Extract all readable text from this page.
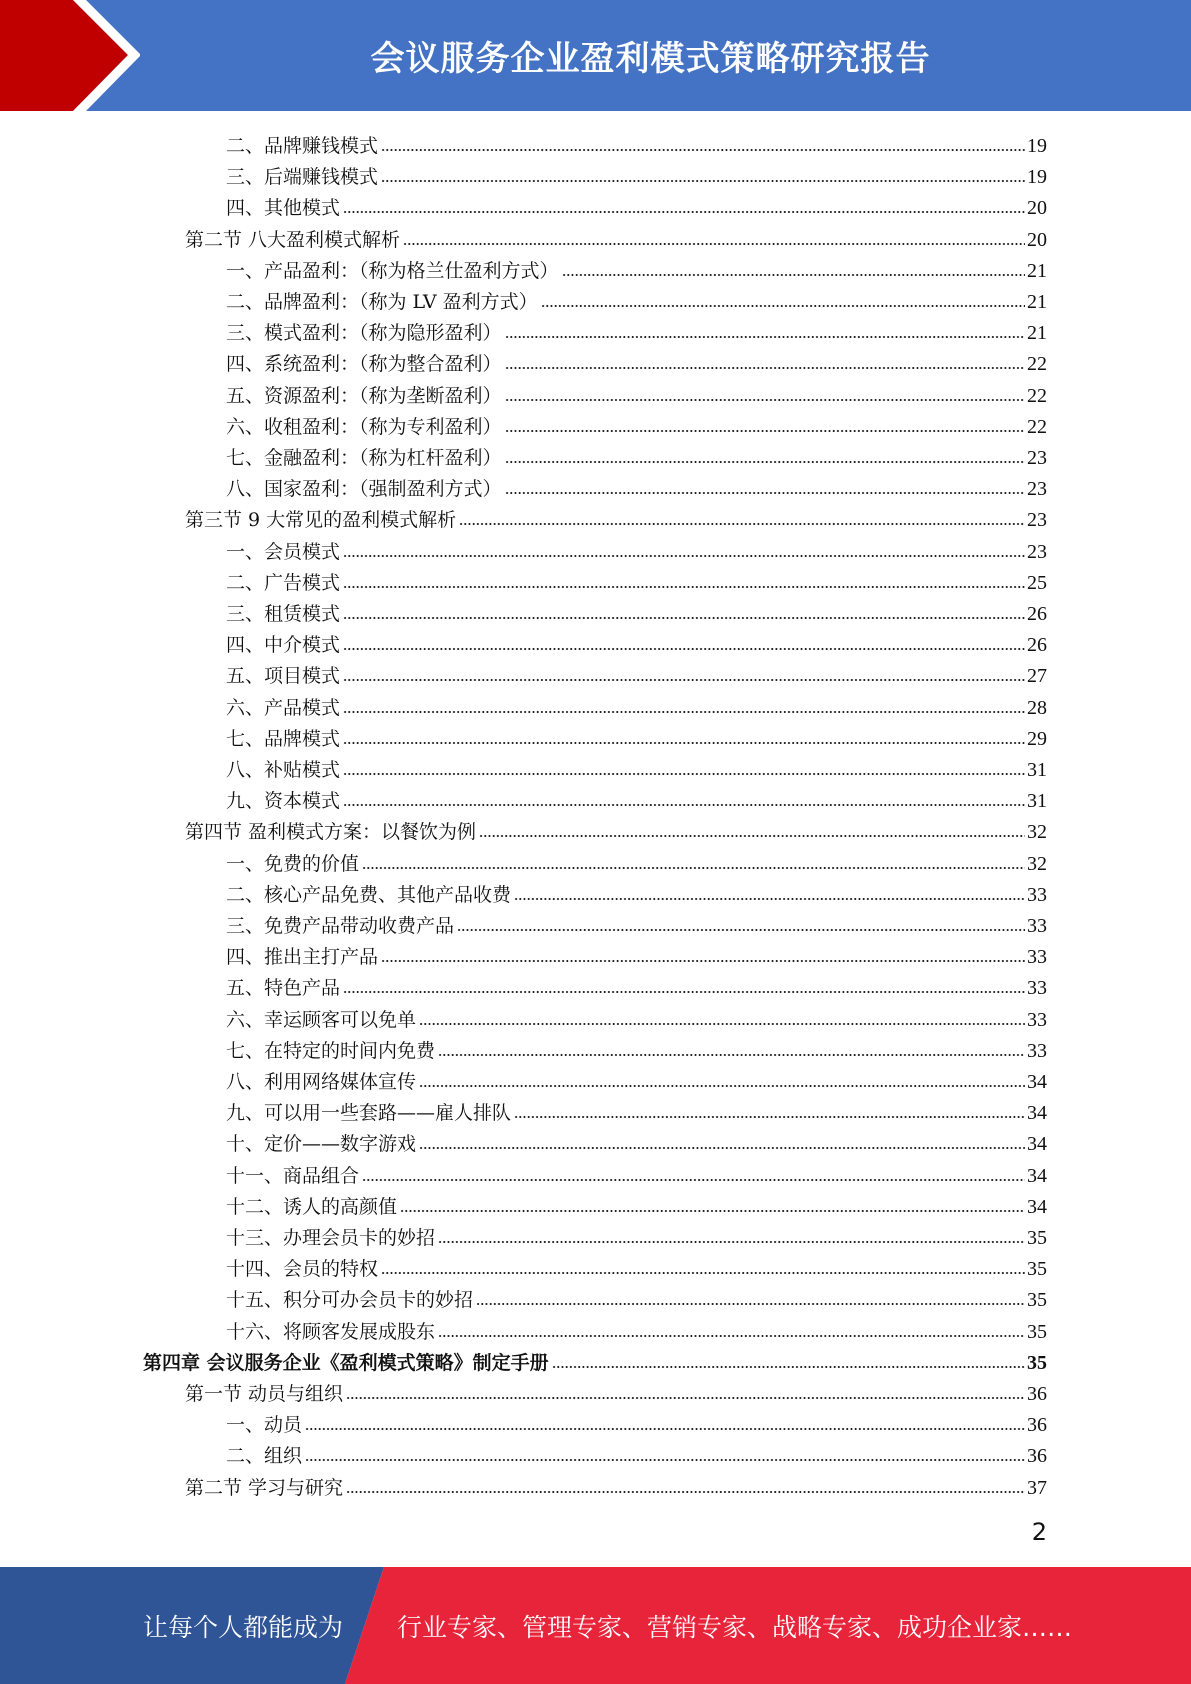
会议服务企业盈利模式策略研究报告
二、品牌赚钱模式	19
三、后端赚钱模式	19
四、其他模式	20
第二节 八大盈利模式解析	20
一、产品盈利：（称为格兰仕盈利方式）	21
二、品牌盈利：（称为 LV 盈利方式）	21
三、模式盈利：（称为隐形盈利）	21
四、系统盈利：（称为整合盈利）	22
五、资源盈利：（称为垄断盈利）	22
六、收租盈利：（称为专利盈利）	22
七、金融盈利：（称为杠杆盈利）	23
八、国家盈利：（强制盈利方式）	23
第三节 9 大常见的盈利模式解析	23
一、会员模式	23
二、广告模式	25
三、租赁模式	26
四、中介模式	26
五、项目模式	27
六、产品模式	28
七、品牌模式	29
八、补贴模式	31
九、资本模式	31
第四节 盈利模式方案：以餐饮为例	32
一、免费的价值	32
二、核心产品免费、其他产品收费	33
三、免费产品带动收费产品	33
四、推出主打产品	33
五、特色产品	33
六、幸运顾客可以免单	33
七、在特定的时间内免费	33
八、利用网络媒体宣传	34
九、可以用一些套路——雇人排队	34
十、定价——数字游戏	34
十一、商品组合	34
十二、诱人的高颜值	34
十三、办理会员卡的妙招	35
十四、会员的特权	35
十五、积分可办会员卡的妙招	35
十六、将顾客发展成股东	35
第四章 会议服务企业《盈利模式策略》制定手册	35
第一节 动员与组织	36
一、动员	36
二、组织	36
第二节 学习与研究	37
2
让每个人都能成为 行业专家、管理专家、营销专家、战略专家、成功企业家……
